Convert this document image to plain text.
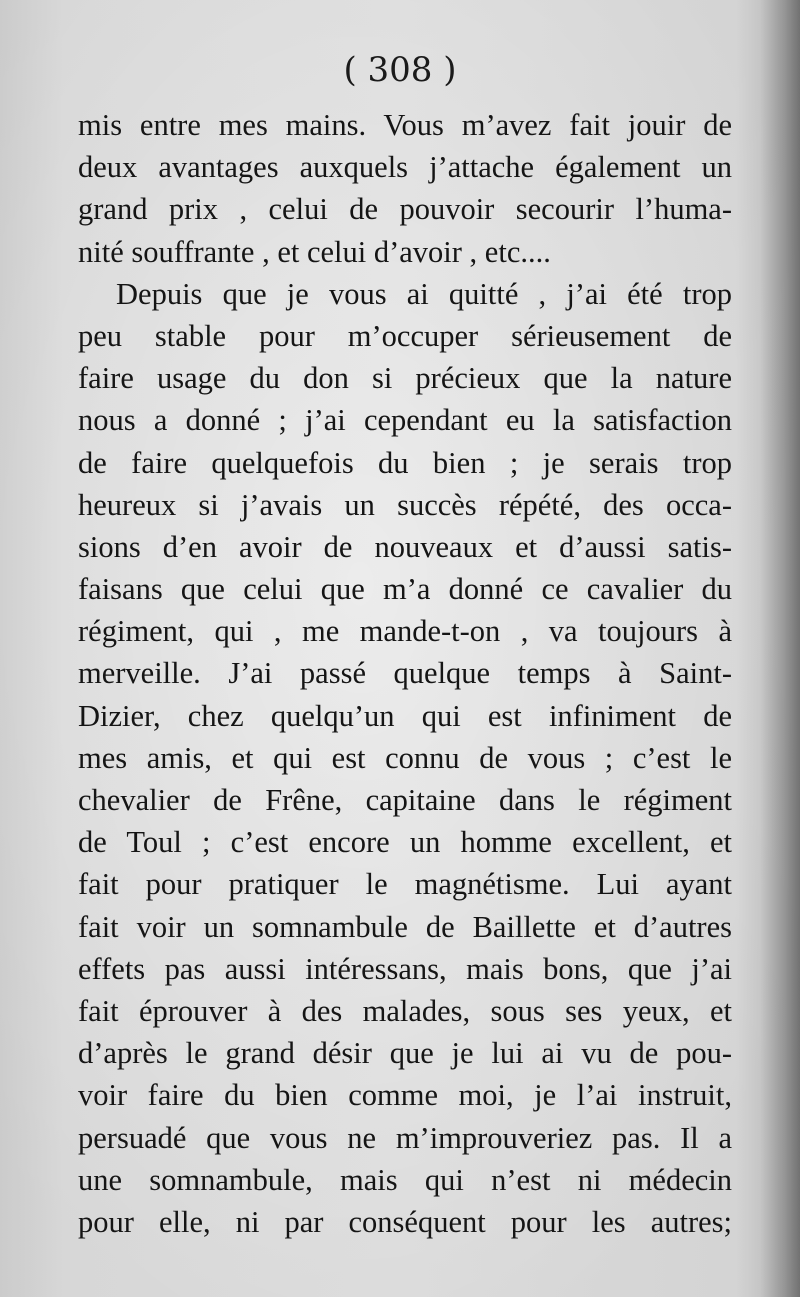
( 308 )
mis entre mes mains. Vous m’avez fait jouir de
deux avantages auxquels j’attache également un
grand prix , celui de pouvoir secourir l’huma-
nité souffrante , et celui d’avoir , etc....
Depuis que je vous ai quitté , j’ai été trop
peu stable pour m’occuper sérieusement de
faire usage du don si précieux que la nature
nous a donné ; j’ai cependant eu la satisfaction
de faire quelquefois du bien ; je serais trop
heureux si j’avais un succès répété, des occa-
sions d’en avoir de nouveaux et d’aussi satis-
faisans que celui que m’a donné ce cavalier du
régiment, qui , me mande-t-on , va toujours à
merveille. J’ai passé quelque temps à Saint-
Dizier, chez quelqu’un qui est infiniment de
mes amis, et qui est connu de vous ; c’est le
chevalier de Frêne, capitaine dans le régiment
de Toul ; c’est encore un homme excellent, et
fait pour pratiquer le magnétisme. Lui ayant
fait voir un somnambule de Baillette et d’autres
effets pas aussi intéressans, mais bons, que j’ai
fait éprouver à des malades, sous ses yeux, et
d’après le grand désir que je lui ai vu de pou-
voir faire du bien comme moi, je l’ai instruit,
persuadé que vous ne m’improuveriez pas. Il a
une somnambule, mais qui n’est ni médecin
pour elle, ni par conséquent pour les autres;
